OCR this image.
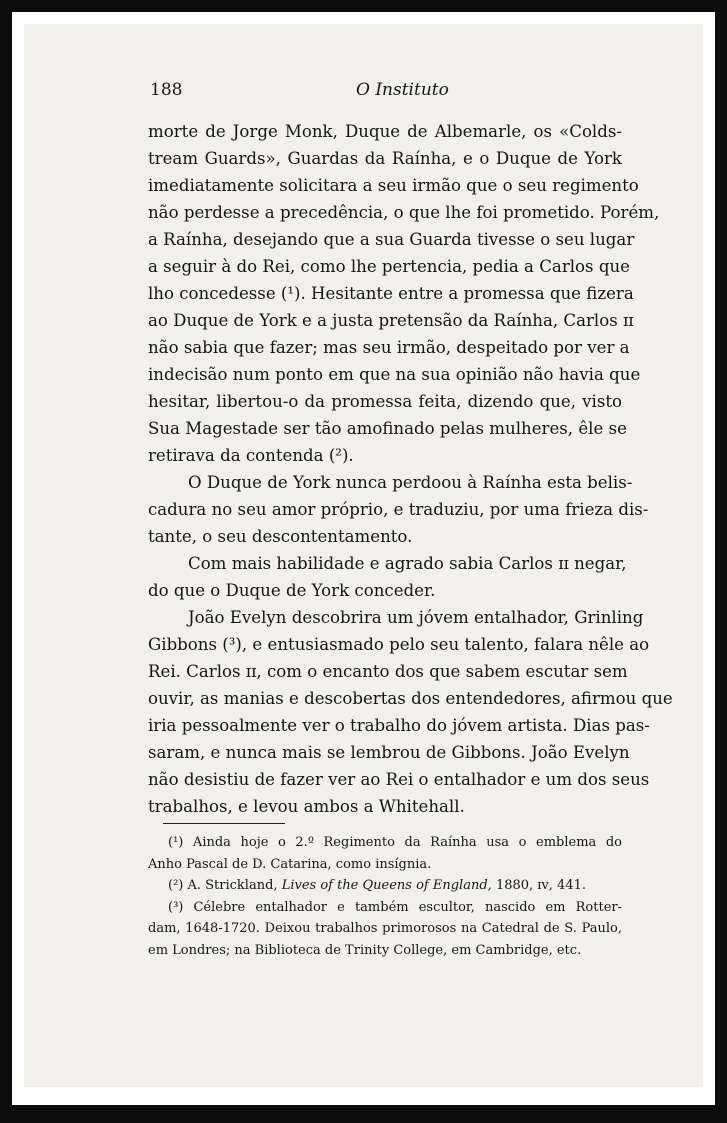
188	O Instituto
morte de Jorge Monk, Duque de Albemarle, os «Colds-
tream Guards», Guardas da Raínha, e o Duque de York
imediatamente solicitara a seu irmão que o seu regimento
não perdesse a precedência, o que lhe foi prometido. Porém,
a Raínha, desejando que a sua Guarda tivesse o seu lugar
a seguir à do Rei, como lhe pertencia, pedia a Carlos que
lho concedesse (¹). Hesitante entre a promessa que fizera
ao Duque de York e a justa pretensão da Raínha, Carlos ɪɪ
não sabia que fazer; mas seu irmão, despeitado por ver a
indecisão num ponto em que na sua opinião não havia que
hesitar, libertou-o da promessa feita, dizendo que, visto
Sua Magestade ser tão amofinado pelas mulheres, êle se
retirava da contenda (²).
O Duque de York nunca perdoou à Raínha esta belis-
cadura no seu amor próprio, e traduziu, por uma frieza dis-
tante, o seu descontentamento.
Com mais habilidade e agrado sabia Carlos ɪɪ negar,
do que o Duque de York conceder.
João Evelyn descobrira um jóvem entalhador, Grinling
Gibbons (³), e entusiasmado pelo seu talento, falara nêle ao
Rei. Carlos ɪɪ, com o encanto dos que sabem escutar sem
ouvir, as manias e descobertas dos entendedores, afirmou que
iria pessoalmente ver o trabalho do jóvem artista. Dias pas-
saram, e nunca mais se lembrou de Gibbons. João Evelyn
não desistiu de fazer ver ao Rei o entalhador e um dos seus
trabalhos, e levou ambos a Whitehall.
(¹) Ainda hoje o 2.º Regimento da Raínha usa o emblema do
Anho Pascal de D. Catarina, como insígnia.
(²) A. Strickland, Lives of the Queens of England, 1880, ɪᴠ, 441.
(³) Célebre entalhador e também escultor, nascido em Rotter-
dam, 1648-1720. Deixou trabalhos primorosos na Catedral de S. Paulo,
em Londres; na Biblioteca de Trinity College, em Cambridge, etc.
